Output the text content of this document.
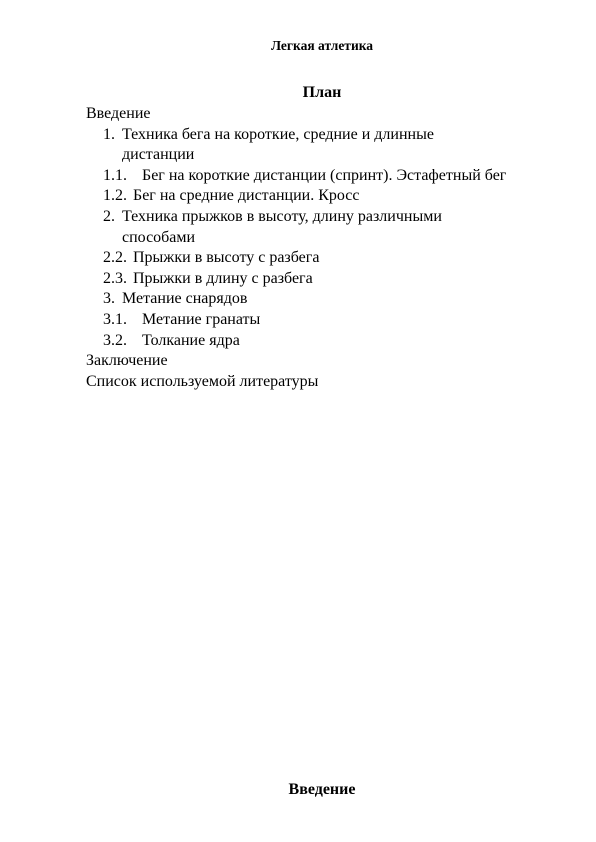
Легкая атлетика
План
Введение
1. Техника бега на короткие, средние и длинные дистанции
1.1. Бег на короткие дистанции (спринт). Эстафетный бег
1.2. Бег на средние дистанции. Кросс
2. Техника прыжков в высоту, длину различными способами
2.2. Прыжки в высоту с разбега
2.3. Прыжки в длину с разбега
3. Метание снарядов
3.1. Метание гранаты
3.2. Толкание ядра
Заключение
Список используемой литературы
Введение
